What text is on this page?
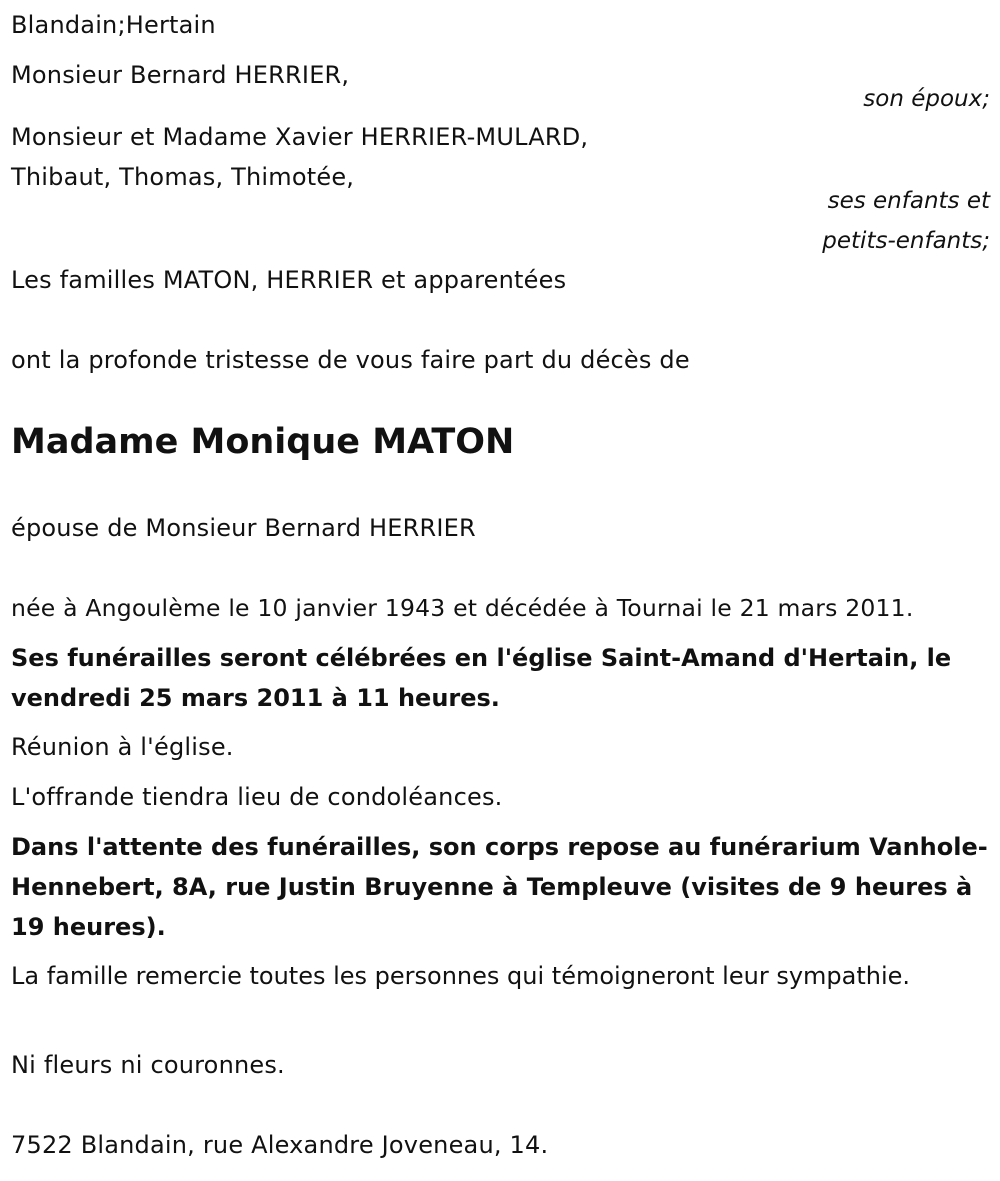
Blandain;Hertain
Monsieur Bernard HERRIER,
son époux;
Monsieur et Madame Xavier HERRIER-MULARD,
Thibaut, Thomas, Thimotée,
ses enfants et
petits-enfants;
Les familles MATON, HERRIER et apparentées
ont la profonde tristesse de vous faire part du décès de
Madame Monique MATON
épouse de Monsieur Bernard HERRIER
née à Angoulème le 10 janvier 1943 et décédée à Tournai le 21 mars 2011.
Ses funérailles seront célébrées en l'église Saint-Amand d'Hertain, le vendredi 25 mars 2011 à 11 heures.
Réunion à l'église.
L'offrande tiendra lieu de condoléances.
Dans l'attente des funérailles, son corps repose au funérarium Vanhole-Hennebert, 8A, rue Justin Bruyenne à Templeuve (visites de 9 heures à 19 heures).
La famille remercie toutes les personnes qui témoigneront leur sympathie.
Ni fleurs ni couronnes.
7522 Blandain, rue Alexandre Joveneau, 14.
